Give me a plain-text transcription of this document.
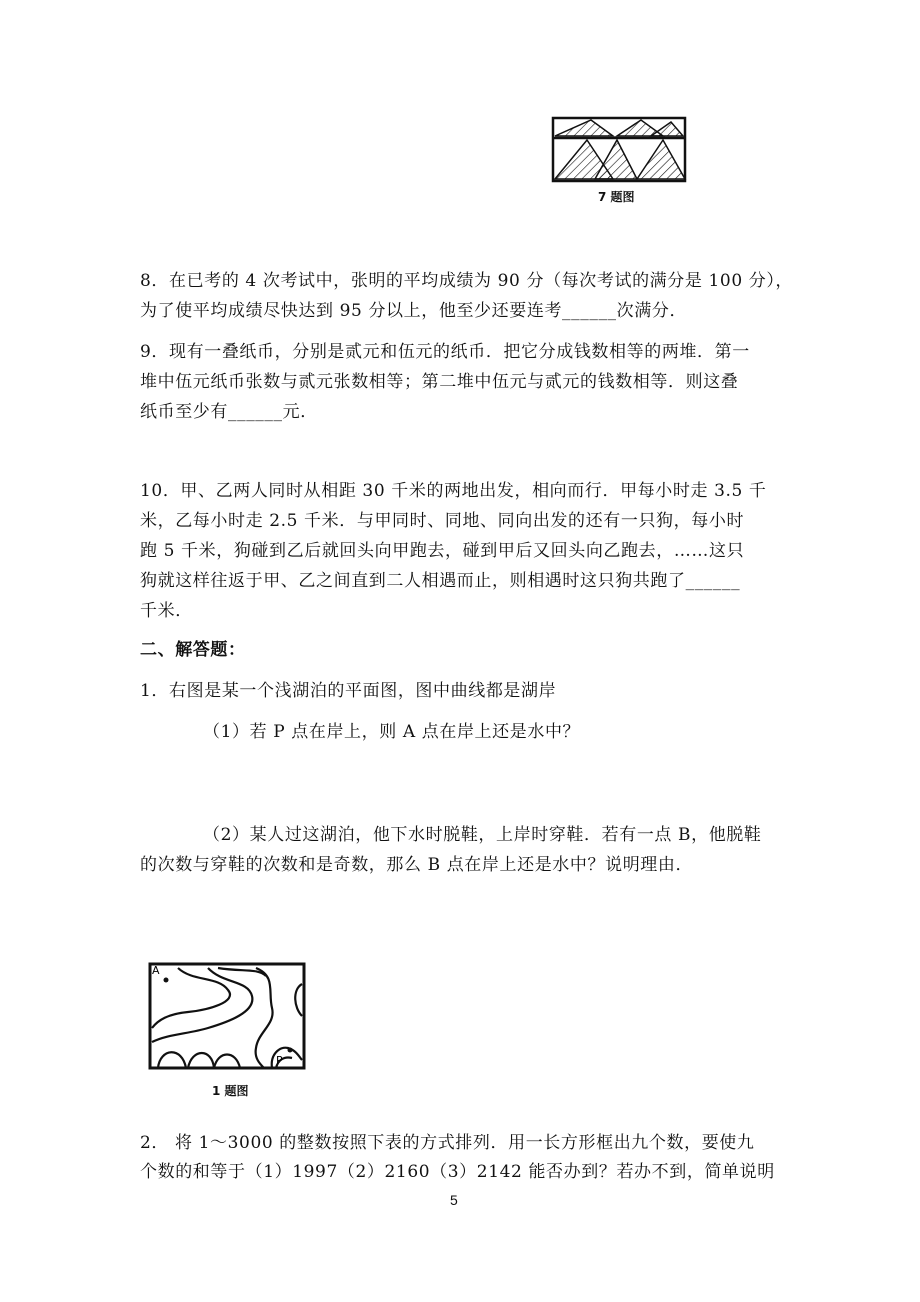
7 题图
8．在已考的 4 次考试中，张明的平均成绩为 90 分（每次考试的满分是 100 分），
为了使平均成绩尽快达到 95 分以上，他至少还要连考______次满分．
9．现有一叠纸币，分别是贰元和伍元的纸币．把它分成钱数相等的两堆．第一
堆中伍元纸币张数与贰元张数相等；第二堆中伍元与贰元的钱数相等．则这叠
纸币至少有______元．
10．甲、乙两人同时从相距 30 千米的两地出发，相向而行．甲每小时走 3.5 千
米，乙每小时走 2.5 千米．与甲同时、同地、同向出发的还有一只狗，每小时
跑 5 千米，狗碰到乙后就回头向甲跑去，碰到甲后又回头向乙跑去，……这只
狗就这样往返于甲、乙之间直到二人相遇而止，则相遇时这只狗共跑了______
千米．
二、解答题：
1．右图是某一个浅湖泊的平面图，图中曲线都是湖岸
（1）若 P 点在岸上，则 A 点在岸上还是水中？
（2）某人过这湖泊，他下水时脱鞋，上岸时穿鞋．若有一点 B，他脱鞋
的次数与穿鞋的次数和是奇数，那么 B 点在岸上还是水中？说明理由．
A
P
1 题图
2． 将 1～3000 的整数按照下表的方式排列．用一长方形框出九个数，要使九
个数的和等于（1）1997（2）2160（3）2142 能否办到？若办不到，简单说明
5
